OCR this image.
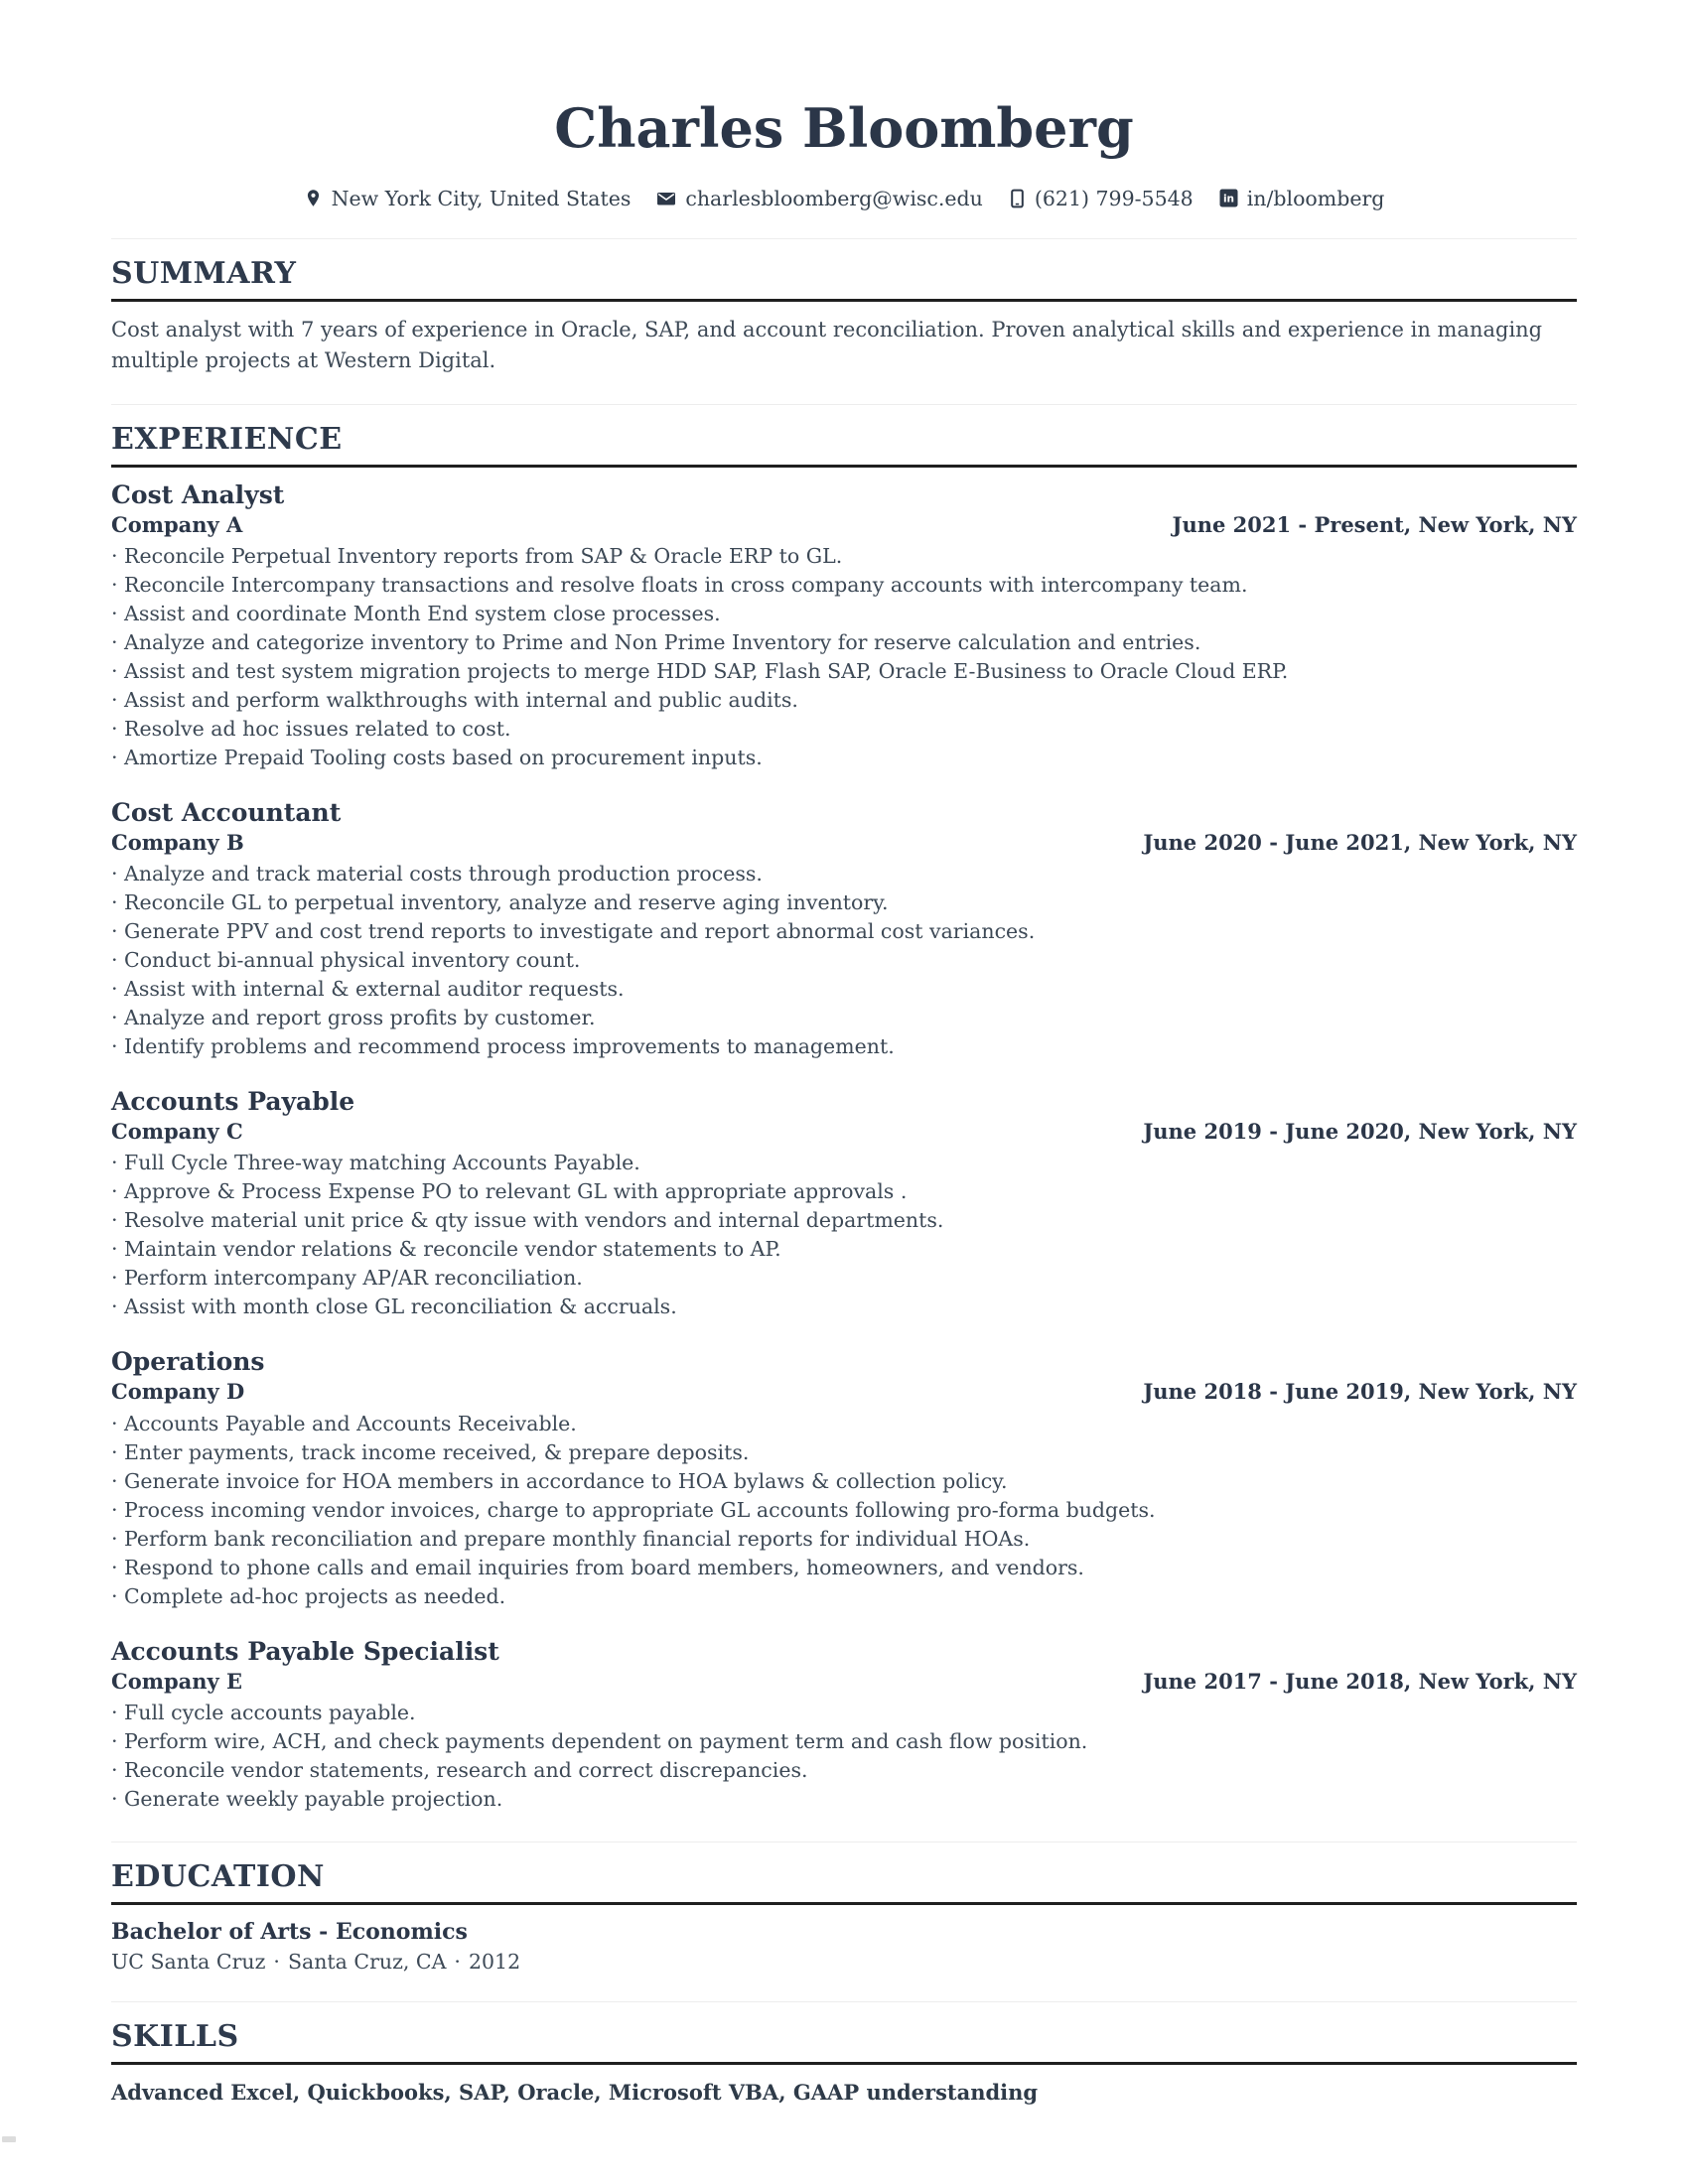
Charles Bloomberg
New York City, United States	charlesbloomberg@wisc.edu	(621) 799-5548	in in/bloomberg
SUMMARY

Cost analyst with 7 years of experience in Oracle, SAP, and account reconciliation. Proven analytical skills and experience in managing multiple projects at Western Digital.

EXPERIENCE
Cost Analyst
Company A	June 2021 - Present, New York, NY
· Reconcile Perpetual Inventory reports from SAP & Oracle ERP to GL.
· Reconcile Intercompany transactions and resolve floats in cross company accounts with intercompany team.
· Assist and coordinate Month End system close processes.
· Analyze and categorize inventory to Prime and Non Prime Inventory for reserve calculation and entries.
· Assist and test system migration projects to merge HDD SAP, Flash SAP, Oracle E-Business to Oracle Cloud ERP.
· Assist and perform walkthroughs with internal and public audits.
· Resolve ad hoc issues related to cost.
· Amortize Prepaid Tooling costs based on procurement inputs.
Cost Accountant
Company B	June 2020 - June 2021, New York, NY
· Analyze and track material costs through production process.
· Reconcile GL to perpetual inventory, analyze and reserve aging inventory.
· Generate PPV and cost trend reports to investigate and report abnormal cost variances.
· Conduct bi-annual physical inventory count.
· Assist with internal & external auditor requests.
· Analyze and report gross profits by customer.
· Identify problems and recommend process improvements to management.
Accounts Payable
Company C	June 2019 - June 2020, New York, NY
· Full Cycle Three-way matching Accounts Payable.
· Approve & Process Expense PO to relevant GL with appropriate approvals .
· Resolve material unit price & qty issue with vendors and internal departments.
· Maintain vendor relations & reconcile vendor statements to AP.
· Perform intercompany AP/AR reconciliation.
· Assist with month close GL reconciliation & accruals.
Operations
Company D	June 2018 - June 2019, New York, NY
· Accounts Payable and Accounts Receivable.
· Enter payments, track income received, & prepare deposits.
· Generate invoice for HOA members in accordance to HOA bylaws & collection policy.
· Process incoming vendor invoices, charge to appropriate GL accounts following pro-forma budgets.
· Perform bank reconciliation and prepare monthly financial reports for individual HOAs.
· Respond to phone calls and email inquiries from board members, homeowners, and vendors.
· Complete ad-hoc projects as needed.
Accounts Payable Specialist
Company E	June 2017 - June 2018, New York, NY
· Full cycle accounts payable.
· Perform wire, ACH, and check payments dependent on payment term and cash flow position.
· Reconcile vendor statements, research and correct discrepancies.
· Generate weekly payable projection.
EDUCATION
Bachelor of Arts - Economics
UC Santa Cruz · Santa Cruz, CA · 2012
SKILLS

Advanced Excel, Quickbooks, SAP, Oracle, Microsoft VBA, GAAP understanding
